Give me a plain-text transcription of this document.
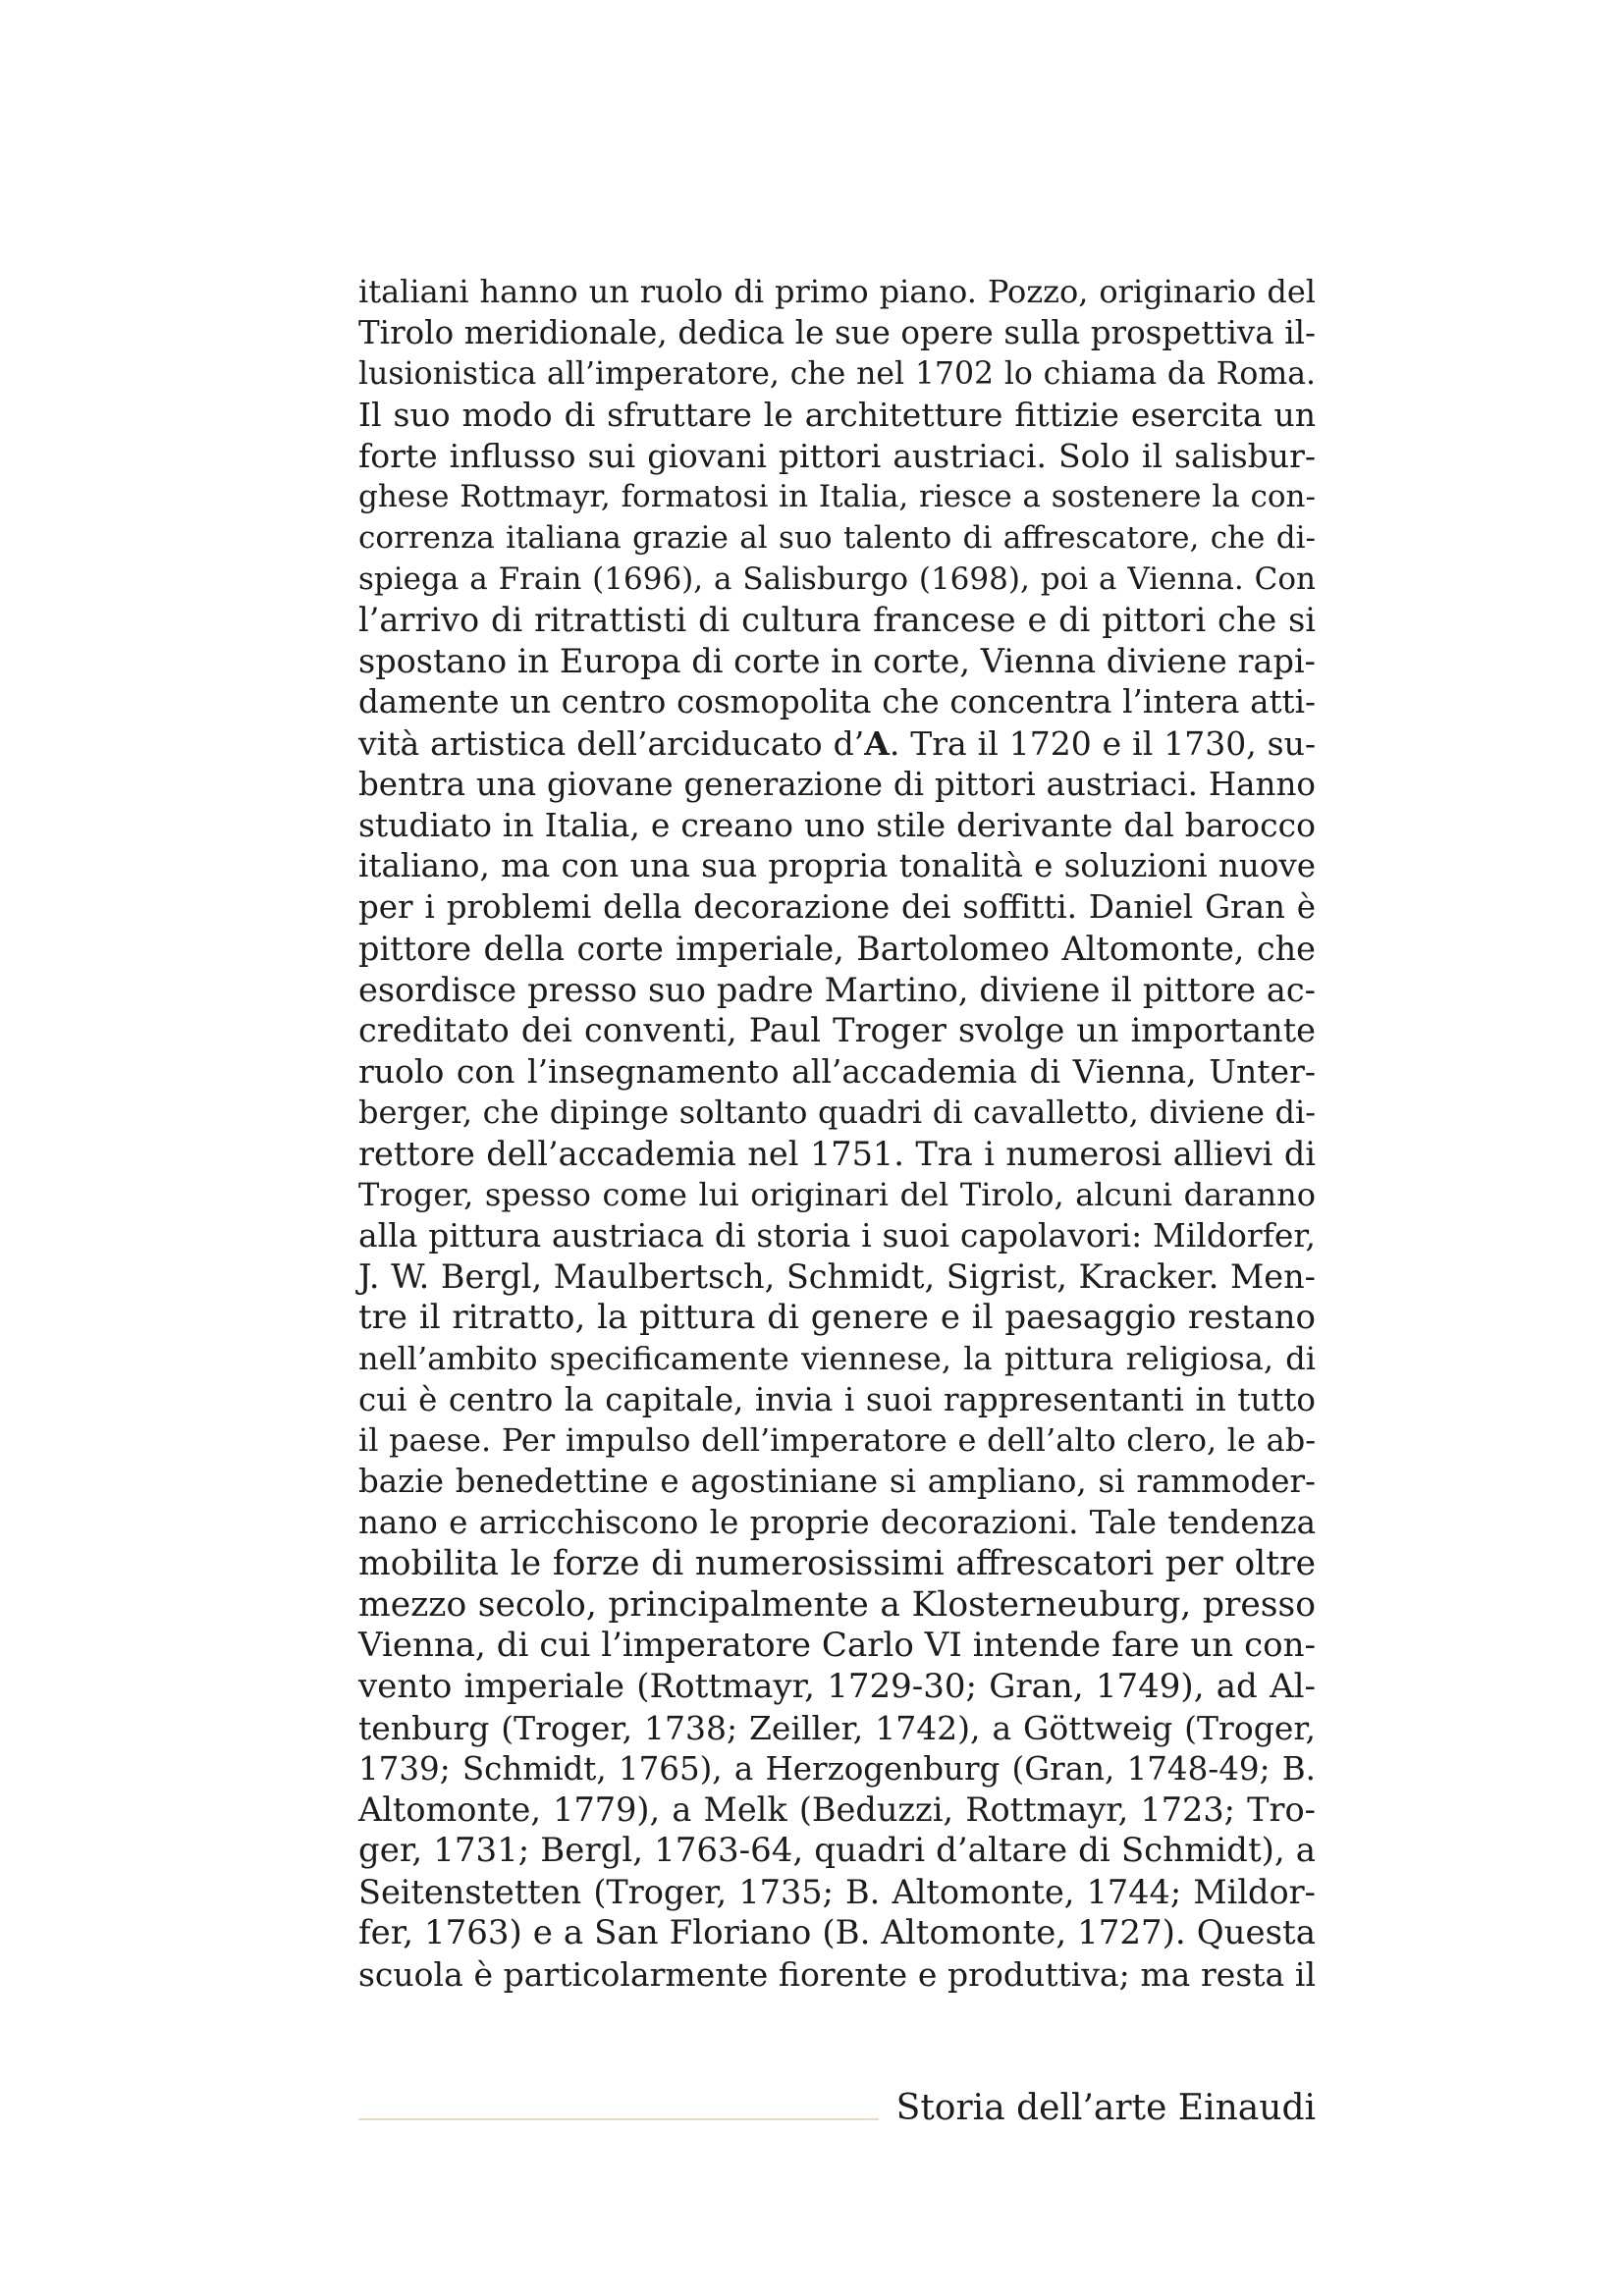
italiani hanno un ruolo di primo piano. Pozzo, originario del
Tirolo meridionale, dedica le sue opere sulla prospettiva il-
lusionistica all’imperatore, che nel 1702 lo chiama da Roma.
Il suo modo di sfruttare le architetture fittizie esercita un
forte influsso sui giovani pittori austriaci. Solo il salisbur-
ghese Rottmayr, formatosi in Italia, riesce a sostenere la con-
correnza italiana grazie al suo talento di affrescatore, che di-
spiega a Frain (1696), a Salisburgo (1698), poi a Vienna. Con
l’arrivo di ritrattisti di cultura francese e di pittori che si
spostano in Europa di corte in corte, Vienna diviene rapi-
damente un centro cosmopolita che concentra l’intera atti-
vità artistica dell’arciducato d’A. Tra il 1720 e il 1730, su-
bentra una giovane generazione di pittori austriaci. Hanno
studiato in Italia, e creano uno stile derivante dal barocco
italiano, ma con una sua propria tonalità e soluzioni nuove
per i problemi della decorazione dei soffitti. Daniel Gran è
pittore della corte imperiale, Bartolomeo Altomonte, che
esordisce presso suo padre Martino, diviene il pittore ac-
creditato dei conventi, Paul Troger svolge un importante
ruolo con l’insegnamento all’accademia di Vienna, Unter-
berger, che dipinge soltanto quadri di cavalletto, diviene di-
rettore dell’accademia nel 1751. Tra i numerosi allievi di
Troger, spesso come lui originari del Tirolo, alcuni daranno
alla pittura austriaca di storia i suoi capolavori: Mildorfer,
J. W. Bergl, Maulbertsch, Schmidt, Sigrist, Kracker. Men-
tre il ritratto, la pittura di genere e il paesaggio restano
nell’ambito specificamente viennese, la pittura religiosa, di
cui è centro la capitale, invia i suoi rappresentanti in tutto
il paese. Per impulso dell’imperatore e dell’alto clero, le ab-
bazie benedettine e agostiniane si ampliano, si rammoder-
nano e arricchiscono le proprie decorazioni. Tale tendenza
mobilita le forze di numerosissimi affrescatori per oltre
mezzo secolo, principalmente a Klosterneuburg, presso
Vienna, di cui l’imperatore Carlo VI intende fare un con-
vento imperiale (Rottmayr, 1729-30; Gran, 1749), ad Al-
tenburg (Troger, 1738; Zeiller, 1742), a Göttweig (Troger,
1739; Schmidt, 1765), a Herzogenburg (Gran, 1748-49; B.
Altomonte, 1779), a Melk (Beduzzi, Rottmayr, 1723; Tro-
ger, 1731; Bergl, 1763-64, quadri d’altare di Schmidt), a
Seitenstetten (Troger, 1735; B. Altomonte, 1744; Mildor-
fer, 1763) e a San Floriano (B. Altomonte, 1727). Questa
scuola è particolarmente fiorente e produttiva; ma resta il
Storia dell’arte Einaudi
